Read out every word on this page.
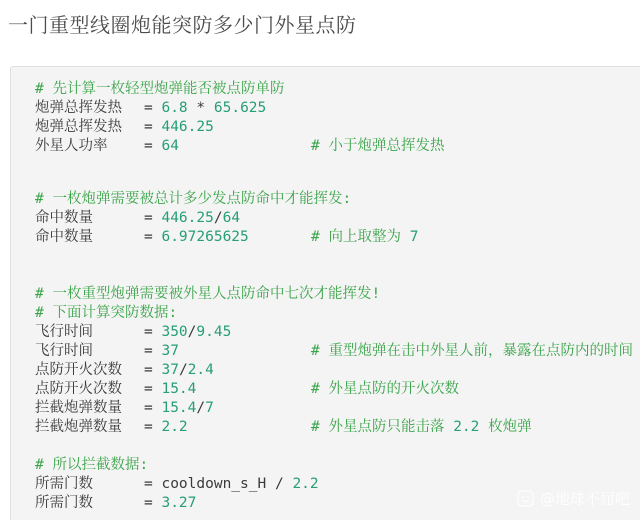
一门重型线圈炮能突防多少门外星点防
# 先计算一枚轻型炮弹能否被点防单防
炮弹总挥发热 = 6.8 * 65.625
炮弹总挥发热 = 446.25
外星人功率	= 64	# 小于炮弹总挥发热
# 一枚炮弹需要被总计多少发点防命中才能挥发:
命中数量	= 446.25/64
命中数量	= 6.97265625	# 向上取整为 7
# 一枚重型炮弹需要被外星人点防命中七次才能挥发!
# 下面计算突防数据:
飞行时间	= 350/9.45
飞行时间	= 37	# 重型炮弹在击中外星人前，暴露在点防内的时间
点防开火次数 = 37/2.4
点防开火次数 = 15.4	# 外星点防的开火次数
拦截炮弹数量 = 15.4/7
拦截炮弹数量 = 2.2	# 外星点防只能击落 2.2 枚炮弹
# 所以拦截数据:
所需门数	= cooldown_s_H / 2.2
所需门数	= 3.27	@地球不屈吧
